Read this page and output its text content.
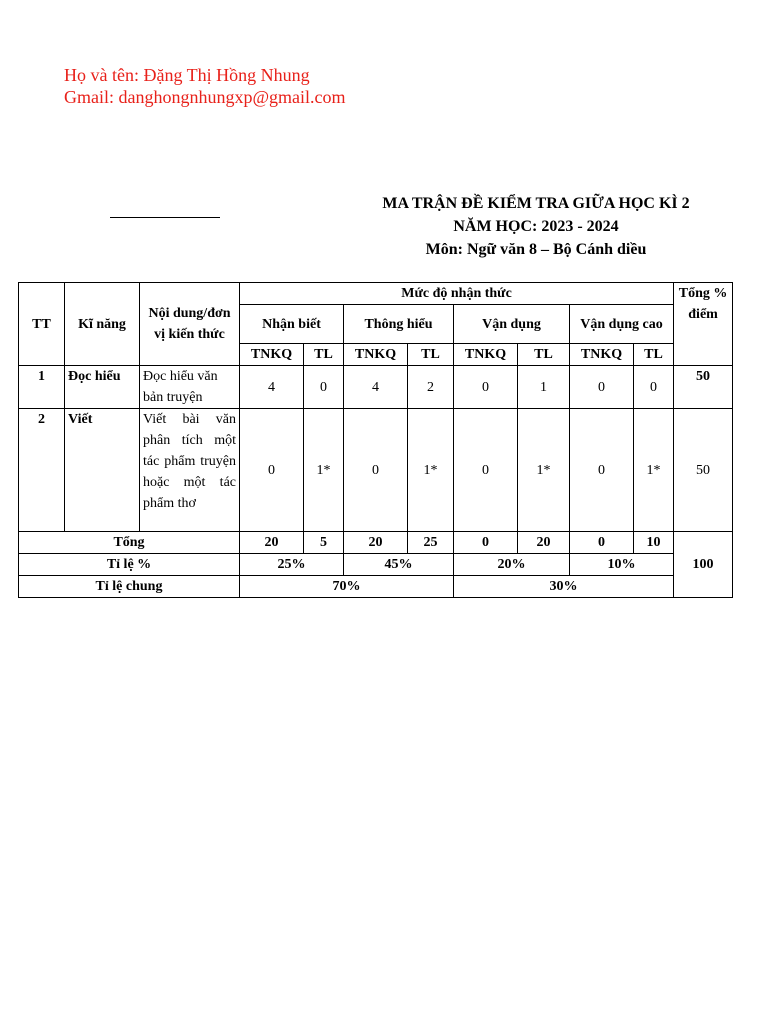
Họ và tên: Đặng Thị Hồng Nhung
Gmail: danghongnhungxp@gmail.com
MA TRẬN ĐỀ KIỂM TRA GIỮA HỌC KÌ 2
NĂM HỌC: 2023 - 2024
Môn: Ngữ văn 8 – Bộ Cánh diều
TT	Kĩ năng	Nội dung/đơn vị kiến thức	Mức độ nhận thức								Tổng % điểm
			Nhận biết		Thông hiểu		Vận dụng		Vận dụng cao		
			TNKQ	TL	TNKQ	TL	TNKQ	TL	TNKQ	TL	
1	Đọc hiểu	Đọc hiểu văn bản truyện	4	0	4	2	0	1	0	0	50
2	Viết	Viết bài văn phân tích một tác phẩm truyện hoặc một tác phẩm thơ	0	1*	0	1*	0	1*	0	1*	50
Tổng			20	5	20	25	0	20	0	10	100
Tỉ lệ %			25%		45%		20%		10%		
Tỉ lệ chung			70%				30%				
